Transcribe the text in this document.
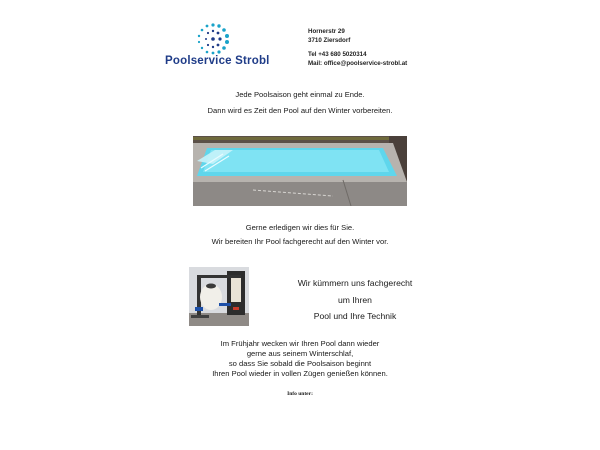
Poolservice Strobl
Hornerstr 29
3710 Ziersdorf
Tel +43 680 5020314
Mail: office@poolservice-strobl.at
Jede Poolsaison geht einmal zu Ende.
Dann wird es Zeit den Pool auf den Winter vorbereiten.
Gerne erledigen wir dies für Sie.
Wir bereiten Ihr Pool fachgerecht auf den Winter vor.
Wir kümmern uns fachgerecht
um Ihren
Pool und Ihre Technik
Im Frühjahr wecken wir Ihren Pool dann wieder
gerne aus seinem Winterschlaf,
so dass Sie sobald die Poolsaison beginnt
Ihren Pool wieder in vollen Zügen genießen können.
Info unter:
